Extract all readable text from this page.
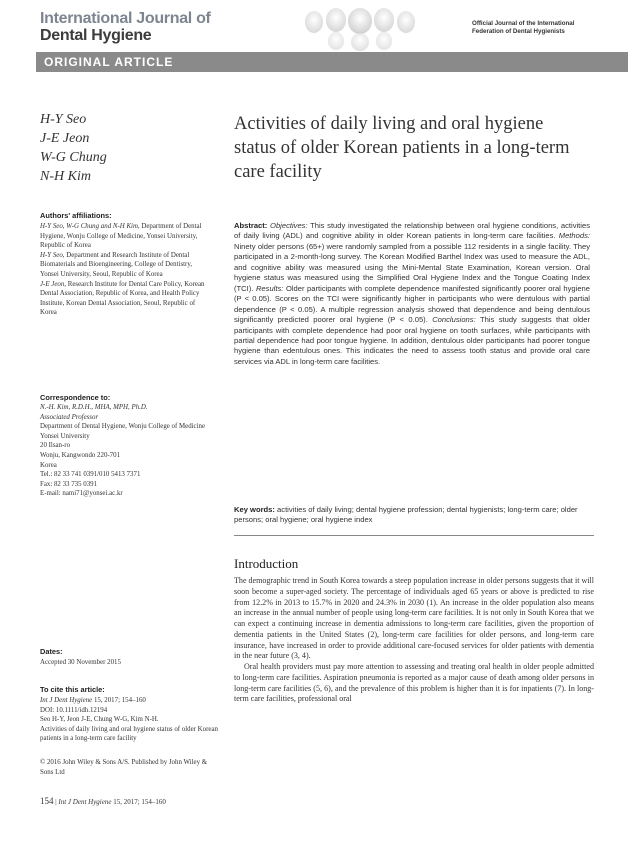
International Journal of
Dental Hygiene
Official Journal of the International
Federation of Dental Hygienists
ORIGINAL ARTICLE
H-Y Seo
J-E Jeon
W-G Chung
N-H Kim
Activities of daily living and oral hygiene status of older Korean patients in a long-term care facility
Authors' affiliations:
H-Y Seo, W-G Chung and N-H Kim, Department of Dental Hygiene, Wonju College of Medicine, Yonsei University, Republic of Korea
H-Y Seo, Department and Research Institute of Dental Biomaterials and Bioengineering, College of Dentistry, Yonsei University, Seoul, Republic of Korea
J-E Jeon, Research Institute for Dental Care Policy, Korean Dental Association, Republic of Korea, and Health Policy Institute, Korean Dental Association, Seoul, Republic of Korea
Correspondence to:
N.-H. Kim, R.D.H., MHA, MPH, Ph.D.
Associated Professor
Department of Dental Hygiene, Wonju College of Medicine
Yonsei University
20 Ilsan-ro
Wonju, Kangwondo 220-701
Korea
Tel.: 82 33 741 0391/010 5413 7371
Fax: 82 33 735 0391
E-mail: nami71@yonsei.ac.kr
Dates:
Accepted 30 November 2015
To cite this article:
Int J Dent Hygiene 15, 2017; 154–160
DOI: 10.1111/idh.12194
Seo H-Y, Jeon J-E, Chung W-G, Kim N-H.
Activities of daily living and oral hygiene status of older Korean patients in a long-term care facility
© 2016 John Wiley & Sons A/S. Published by John Wiley & Sons Ltd
Abstract: Objectives: This study investigated the relationship between oral hygiene conditions, activities of daily living (ADL) and cognitive ability in older Korean patients in long-term care facilities. Methods: Ninety older persons (65+) were randomly sampled from a possible 112 residents in a single facility. They participated in a 2-month-long survey. The Korean Modified Barthel Index was used to measure the ADL, and cognitive ability was measured using the Mini-Mental State Examination, Korean version. Oral hygiene status was measured using the Simplified Oral Hygiene Index and the Tongue Coating Index (TCI). Results: Older participants with complete dependence manifested significantly poorer oral hygiene (P < 0.05). Scores on the TCI were significantly higher in participants who were dentulous with partial dependence (P < 0.05). A multiple regression analysis showed that dependence and being dentulous significantly predicted poorer oral hygiene (P < 0.05). Conclusions: This study suggests that older participants with complete dependence had poor oral hygiene on tooth surfaces, while participants with partial dependence had poor tongue hygiene. In addition, dentulous older participants had poorer tongue hygiene than edentulous ones. This indicates the need to assess tooth status and provide oral care services via ADL in long-term care facilities.
Key words: activities of daily living; dental hygiene profession; dental hygienists; long-term care; older persons; oral hygiene; oral hygiene index
Introduction

The demographic trend in South Korea towards a steep population increase in older persons suggests that it will soon become a super-aged society. The percentage of individuals aged 65 years or above is predicted to rise from 12.2% in 2013 to 15.7% in 2020 and 24.3% in 2030 (1). An increase in the older population also means an increase in the annual number of people using long-term care facilities. It is not only in South Korea that we can expect a continuing increase in dementia admissions to long-term care facilities, given the proportion of dementia patients in the United States (2), long-term care facilities for older persons, and long-term care insurance, have increased in order to provide additional care-focused services for older patients with dementia in the near future (3, 4).

Oral health providers must pay more attention to assessing and treating oral health in older people admitted to long-term care facilities. Aspiration pneumonia is reported as a major cause of death among older persons in long-term care facilities (5, 6), and the prevalence of this problem is higher than it is for inpatients (7). In long-term care facilities, professional oral

154 | Int J Dent Hygiene 15, 2017; 154–160
